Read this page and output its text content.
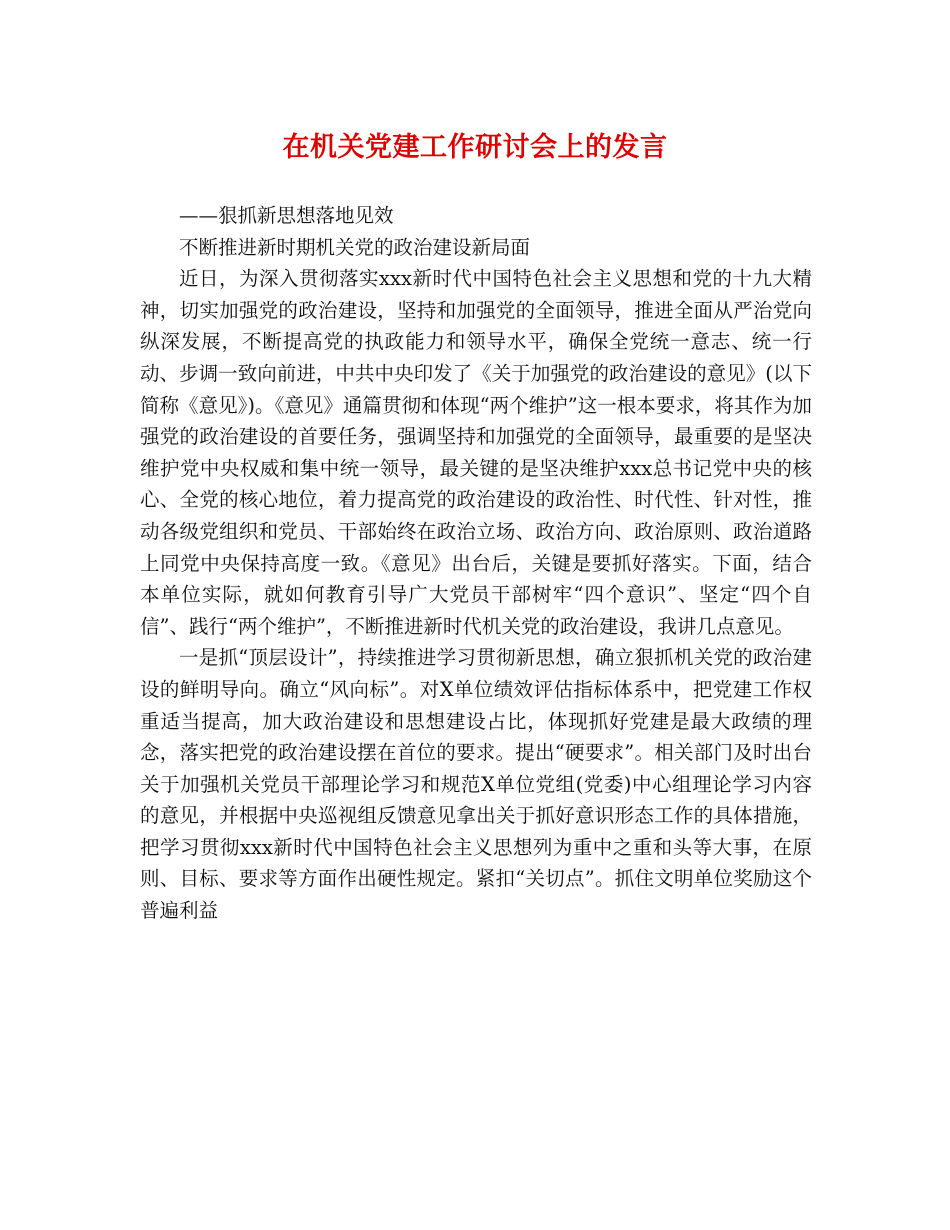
在机关党建工作研讨会上的发言

——狠抓新思想落地见效

不断推进新时期机关党的政治建设新局面

近日，为深入贯彻落实xxx新时代中国特色社会主义思想和党的十九大精神，切实加强党的政治建设，坚持和加强党的全面领导，推进全面从严治党向纵深发展，不断提高党的执政能力和领导水平，确保全党统一意志、统一行动、步调一致向前进，中共中央印发了《关于加强党的政治建设的意见》(以下简称《意见》)。《意见》通篇贯彻和体现“两个维护”这一根本要求，将其作为加强党的政治建设的首要任务，强调坚持和加强党的全面领导，最重要的是坚决维护党中央权威和集中统一领导，最关键的是坚决维护xxx总书记党中央的核心、全党的核心地位，着力提高党的政治建设的政治性、时代性、针对性，推动各级党组织和党员、干部始终在政治立场、政治方向、政治原则、政治道路上同党中央保持高度一致。《意见》出台后，关键是要抓好落实。下面，结合本单位实际，就如何教育引导广大党员干部树牢“四个意识”、坚定“四个自信”、践行“两个维护”，不断推进新时代机关党的政治建设，我讲几点意见。

一是抓“顶层设计”，持续推进学习贯彻新思想，确立狠抓机关党的政治建设的鲜明导向。确立“风向标”。对X单位绩效评估指标体系中，把党建工作权重适当提高，加大政治建设和思想建设占比，体现抓好党建是最大政绩的理念，落实把党的政治建设摆在首位的要求。提出“硬要求”。相关部门及时出台关于加强机关党员干部理论学习和规范X单位党组(党委)中心组理论学习内容的意见，并根据中央巡视组反馈意见拿出关于抓好意识形态工作的具体措施，把学习贯彻xxx新时代中国特色社会主义思想列为重中之重和头等大事，在原则、目标、要求等方面作出硬性规定。紧扣“关切点”。抓住文明单位奖励这个普遍利益
